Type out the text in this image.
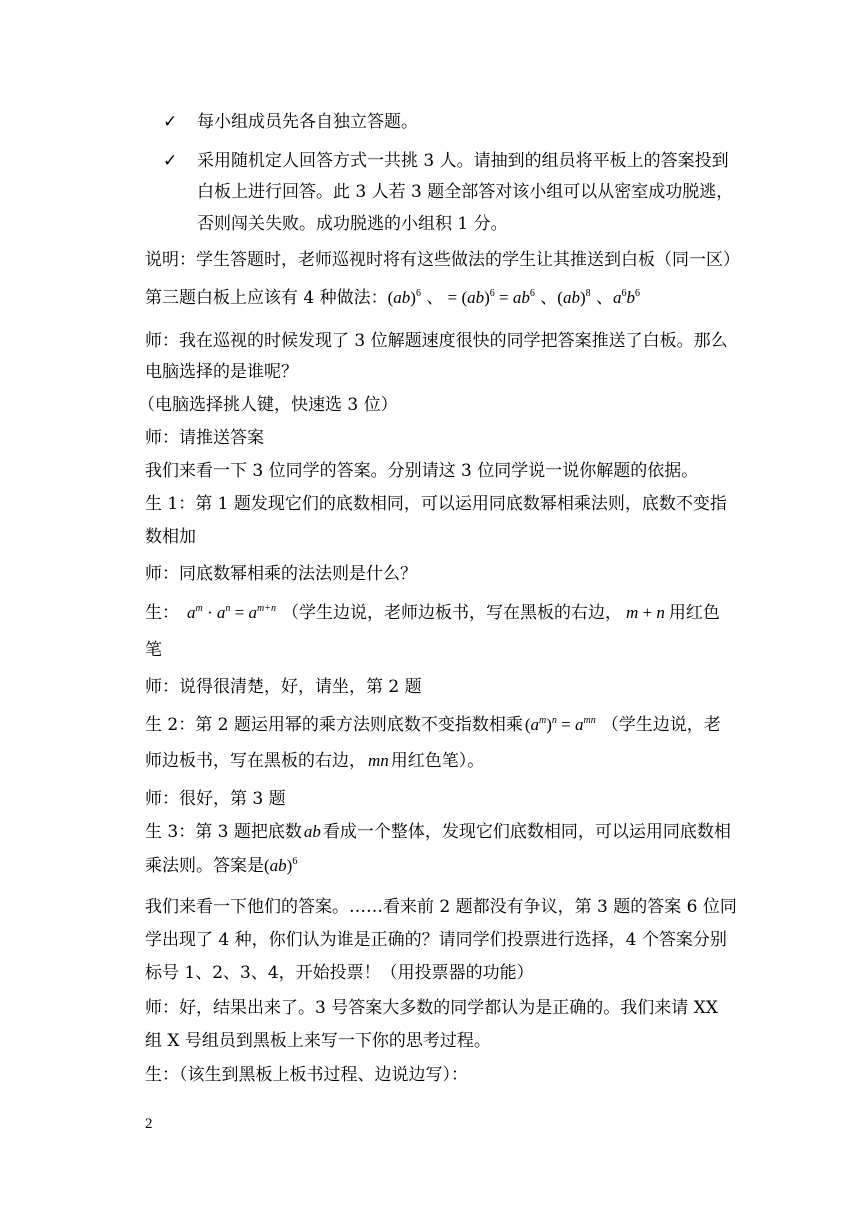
✓ 每小组成员先各自独立答题。
✓ 采用随机定人回答方式一共挑 3 人。请抽到的组员将平板上的答案投到
白板上进行回答。此 3 人若 3 题全部答对该小组可以从密室成功脱逃，
否则闯关失败。成功脱逃的小组积 1 分。
说明：学生答题时，老师巡视时将有这些做法的学生让其推送到白板（同一区）
第三题白板上应该有 4 种做法：(ab)$^6$ 、 = $(ab)^6 = ab^6$ 、(ab)$^8$ 、$a^6b^6$
师：我在巡视的时候发现了 3 位解题速度很快的同学把答案推送了白板。那么
电脑选择的是谁呢？
（电脑选择挑人键，快速选 3 位）
师：请推送答案
我们来看一下 3 位同学的答案。分别请这 3 位同学说一说你解题的依据。
生 1：第 1 题发现它们的底数相同，可以运用同底数幂相乘法则，底数不变指
数相加
师：同底数幂相乘的法法则是什么？
生： $a^m \cdot a^n = a^{m+n}$ （学生边说，老师边板书，写在黑板的右边， m + n 用红色
笔
师：说得很清楚，好，请坐，第 2 题
生 2：第 2 题运用幂的乘方法则底数不变指数相乘 $(a^m)^n = a^{mn}$ （学生边说，老
师边板书，写在黑板的右边， mn 用红色笔）。
师：很好，第 3 题
生 3：第 3 题把底数 ab 看成一个整体，发现它们底数相同，可以运用同底数相
乘法则。答案是(ab)$^6$
我们来看一下他们的答案。……看来前 2 题都没有争议，第 3 题的答案 6 位同
学出现了 4 种，你们认为谁是正确的？请同学们投票进行选择，4 个答案分别
标号 1、2、3、4，开始投票！（用投票器的功能）
师：好，结果出来了。3 号答案大多数的同学都认为是正确的。我们来请 XX
组 X 号组员到黑板上来写一下你的思考过程。
生：（该生到黑板上板书过程、边说边写）：
2
